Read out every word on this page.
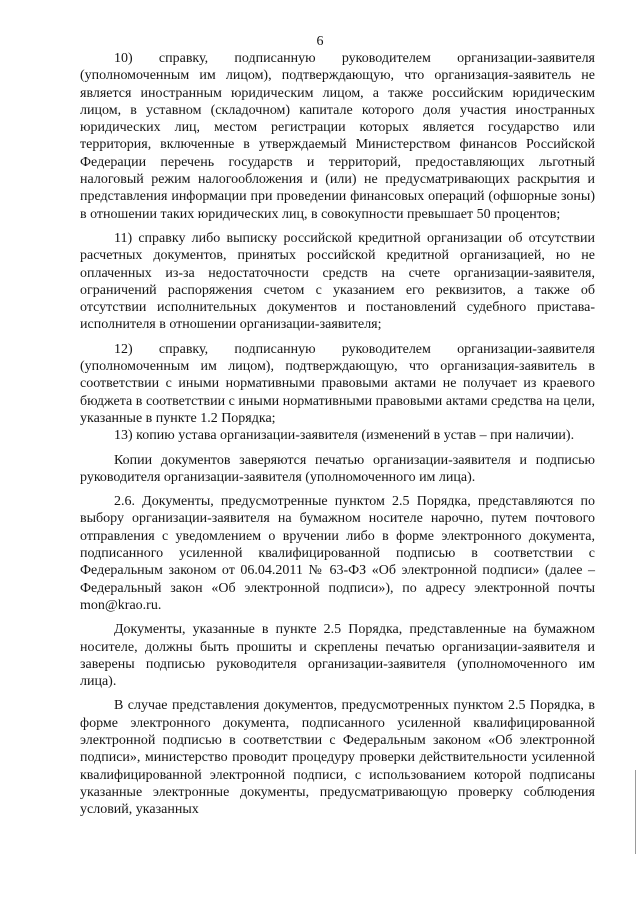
6

10) справку, подписанную руководителем организации-заявителя (уполномоченным им лицом), подтверждающую, что организация-заявитель не является иностранным юридическим лицом, а также российским юридическим лицом, в уставном (складочном) капитале которого доля участия иностранных юридических лиц, местом регистрации которых является государство или территория, включенные в утверждаемый Министерством финансов Российской Федерации перечень государств и территорий, предоставляющих льготный налоговый режим налогообложения и (или) не предусматривающих раскрытия и представления информации при проведении финансовых операций (офшорные зоны) в отношении таких юридических лиц, в совокупности превышает 50 процентов;

11) справку либо выписку российской кредитной организации об отсутствии расчетных документов, принятых российской кредитной организацией, но не оплаченных из-за недостаточности средств на счете организации-заявителя, ограничений распоряжения счетом с указанием его реквизитов, а также об отсутствии исполнительных документов и постановлений судебного пристава-исполнителя в отношении организации-заявителя;

12) справку, подписанную руководителем организации-заявителя (уполномоченным им лицом), подтверждающую, что организация-заявитель в соответствии с иными нормативными правовыми актами не получает из краевого бюджета в соответствии с иными нормативными правовыми актами средства на цели, указанные в пункте 1.2 Порядка;

13) копию устава организации-заявителя (изменений в устав – при наличии).

Копии документов заверяются печатью организации-заявителя и подписью руководителя организации-заявителя (уполномоченного им лица).

2.6. Документы, предусмотренные пунктом 2.5 Порядка, представляются по выбору организации-заявителя на бумажном носителе нарочно, путем почтового отправления с уведомлением о вручении либо в форме электронного документа, подписанного усиленной квалифицированной подписью в соответствии с Федеральным законом от 06.04.2011 № 63-ФЗ «Об электронной подписи» (далее – Федеральный закон «Об электронной подписи»), по адресу электронной почты mon@krao.ru.

Документы, указанные в пункте 2.5 Порядка, представленные на бумажном носителе, должны быть прошиты и скреплены печатью организации-заявителя и заверены подписью руководителя организации-заявителя (уполномоченного им лица).

В случае представления документов, предусмотренных пунктом 2.5 Порядка, в форме электронного документа, подписанного усиленной квалифицированной электронной подписью в соответствии с Федеральным законом «Об электронной подписи», министерство проводит процедуру проверки действительности усиленной квалифицированной электронной подписи, с использованием которой подписаны указанные электронные документы, предусматривающую проверку соблюдения условий, указанных
